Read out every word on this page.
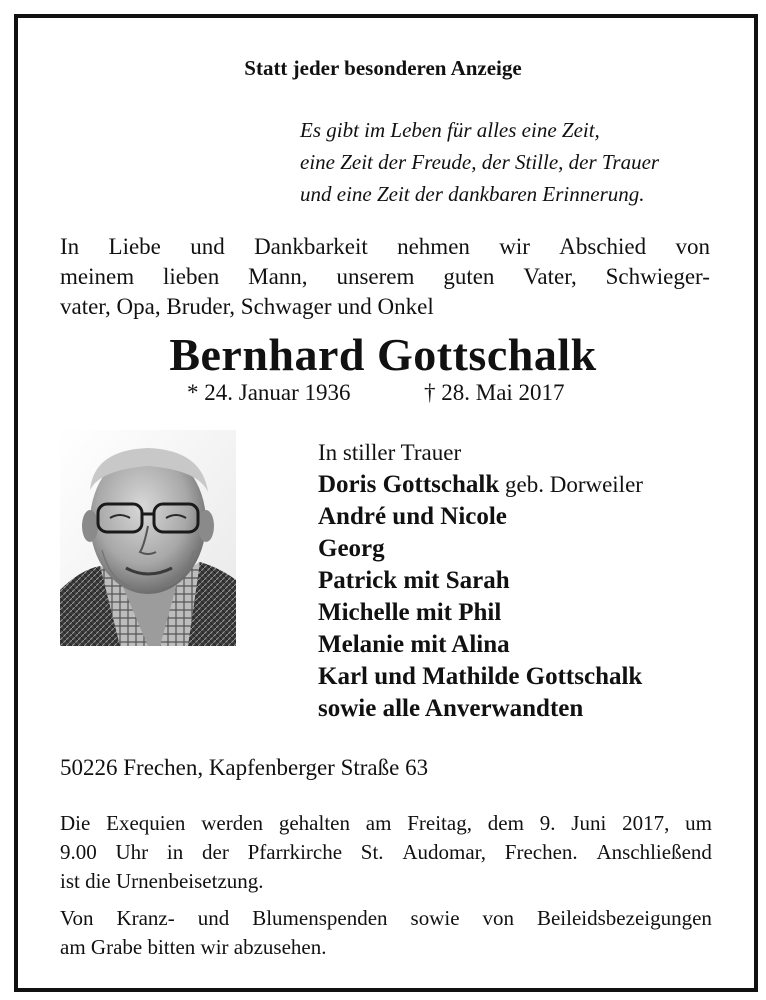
Statt jeder besonderen Anzeige
Es gibt im Leben für alles eine Zeit,
eine Zeit der Freude, der Stille, der Trauer
und eine Zeit der dankbaren Erinnerung.
In Liebe und Dankbarkeit nehmen wir Abschied von
meinem lieben Mann, unserem guten Vater, Schwieger-
vater, Opa, Bruder, Schwager und Onkel
Bernhard Gottschalk
* 24. Januar 1936	† 28. Mai 2017
In stiller Trauer
Doris Gottschalk geb. Dorweiler
André und Nicole
Georg
Patrick mit Sarah
Michelle mit Phil
Melanie mit Alina
Karl und Mathilde Gottschalk
sowie alle Anverwandten
50226 Frechen, Kapfenberger Straße 63
Die Exequien werden gehalten am Freitag, dem 9. Juni 2017, um
9.00 Uhr in der Pfarrkirche St. Audomar, Frechen. Anschließend
ist die Urnenbeisetzung.
Von Kranz- und Blumenspenden sowie von Beileidsbezeigungen
am Grabe bitten wir abzusehen.
